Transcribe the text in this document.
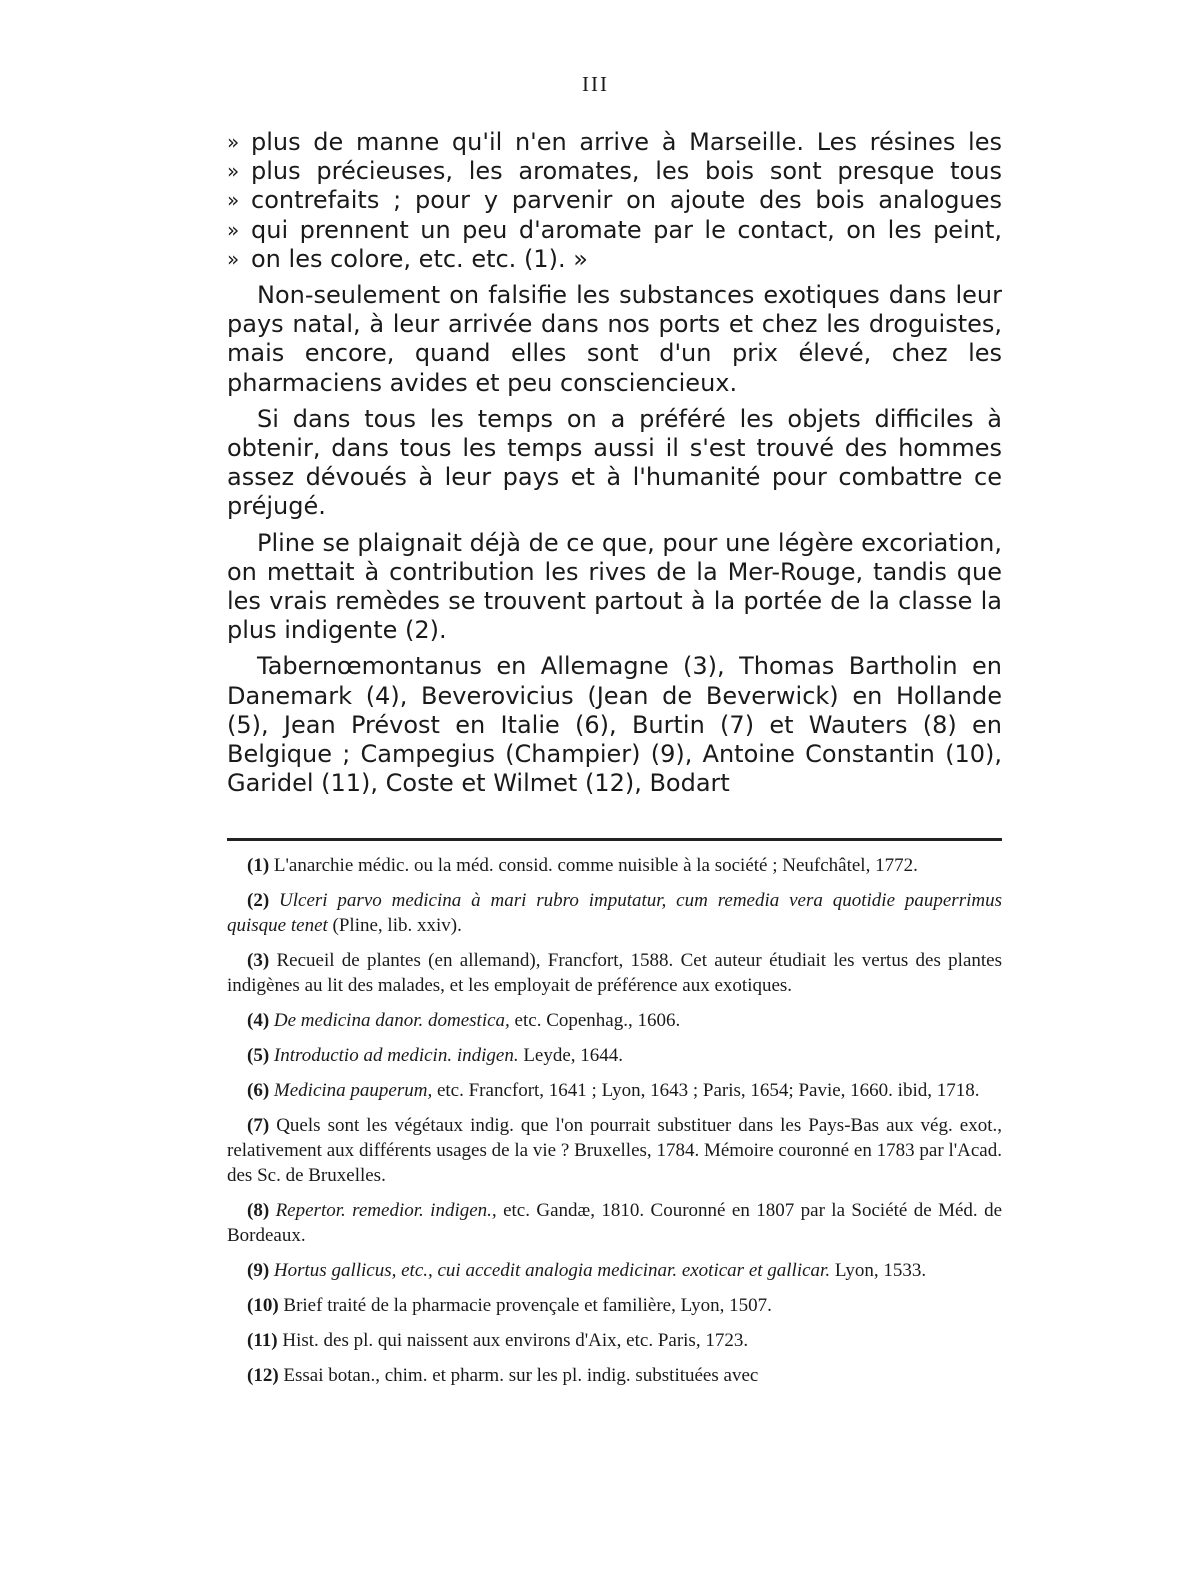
III
» plus de manne qu'il n'en arrive à Marseille. Les résines les
» plus précieuses, les aromates, les bois sont presque tous
» contrefaits ; pour y parvenir on ajoute des bois analogues
» qui prennent un peu d'aromate par le contact, on les peint,
» on les colore, etc. etc. (1). »

Non-seulement on falsifie les substances exotiques dans leur pays natal, à leur arrivée dans nos ports et chez les droguistes, mais encore, quand elles sont d'un prix élevé, chez les pharmaciens avides et peu consciencieux.

Si dans tous les temps on a préféré les objets difficiles à obtenir, dans tous les temps aussi il s'est trouvé des hommes assez dévoués à leur pays et à l'humanité pour combattre ce préjugé.

Pline se plaignait déjà de ce que, pour une légère excoriation, on mettait à contribution les rives de la Mer-Rouge, tandis que les vrais remèdes se trouvent partout à la portée de la classe la plus indigente (2).

Tabernœmontanus en Allemagne (3), Thomas Bartholin en Danemark (4), Beverovicius (Jean de Beverwick) en Hollande (5), Jean Prévost en Italie (6), Burtin (7) et Wauters (8) en Belgique ; Campegius (Champier) (9), Antoine Constantin (10), Garidel (11), Coste et Wilmet (12), Bodart

(1) L'anarchie médic. ou la méd. consid. comme nuisible à la société ; Neufchâtel, 1772.

(2) Ulceri parvo medicina à mari rubro imputatur, cum remedia vera quotidie pauperrimus quisque tenet (Pline, lib. xxiv).

(3) Recueil de plantes (en allemand), Francfort, 1588. Cet auteur étudiait les vertus des plantes indigènes au lit des malades, et les employait de préférence aux exotiques.

(4) De medicina danor. domestica, etc. Copenhag., 1606.

(5) Introductio ad medicin. indigen. Leyde, 1644.

(6) Medicina pauperum, etc. Francfort, 1641 ; Lyon, 1643 ; Paris, 1654; Pavie, 1660. ibid, 1718.

(7) Quels sont les végétaux indig. que l'on pourrait substituer dans les Pays-Bas aux vég. exot., relativement aux différents usages de la vie ? Bruxelles, 1784. Mémoire couronné en 1783 par l'Acad. des Sc. de Bruxelles.

(8) Repertor. remedior. indigen., etc. Gandæ, 1810. Couronné en 1807 par la Société de Méd. de Bordeaux.

(9) Hortus gallicus, etc., cui accedit analogia medicinar. exoticar et gallicar. Lyon, 1533.

(10) Brief traité de la pharmacie provençale et familière, Lyon, 1507.

(11) Hist. des pl. qui naissent aux environs d'Aix, etc. Paris, 1723.

(12) Essai botan., chim. et pharm. sur les pl. indig. substituées avec
